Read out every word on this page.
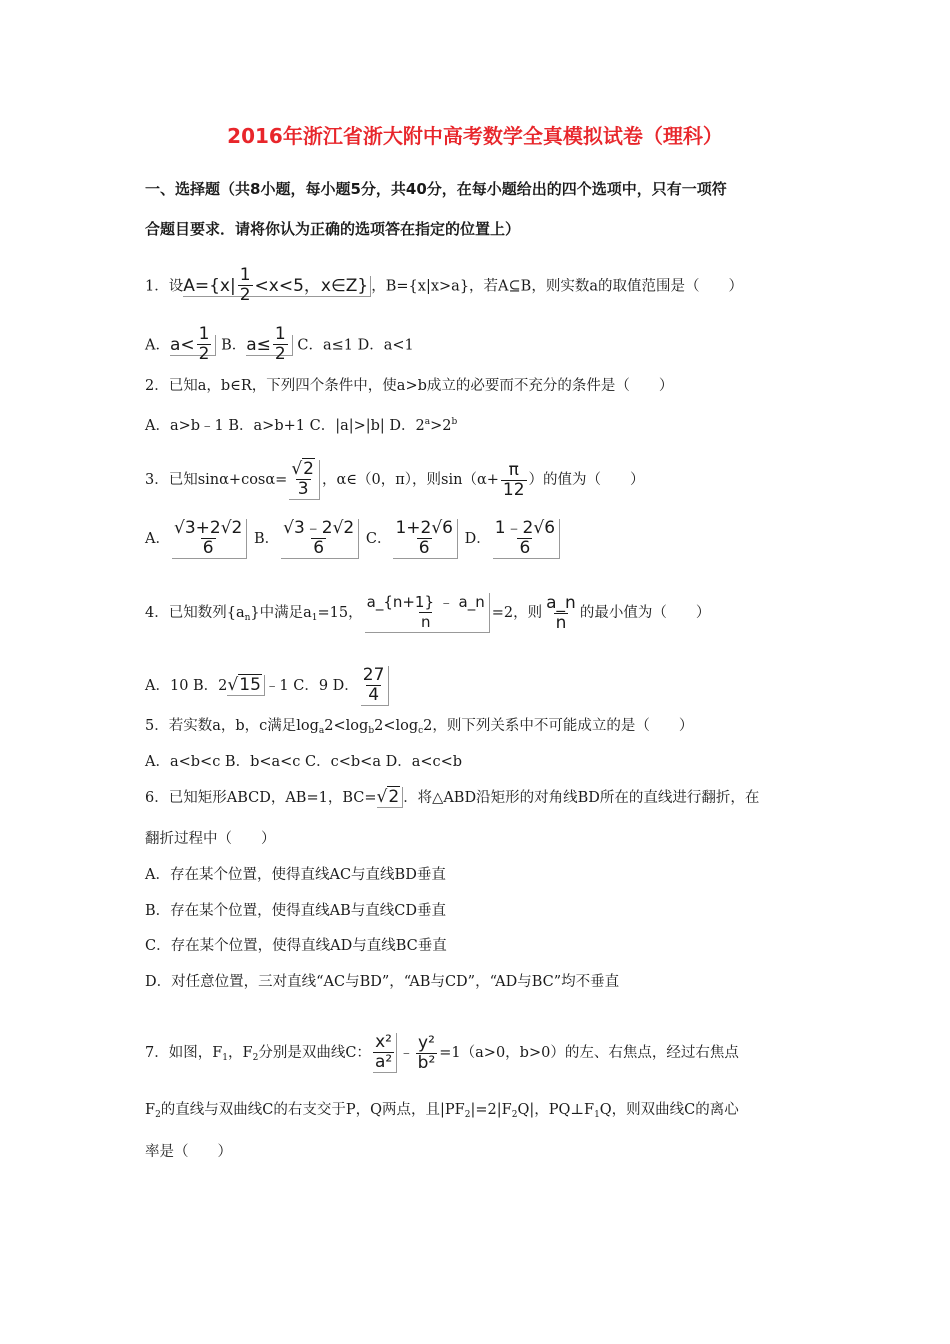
2016年浙江省浙大附中高考数学全真模拟试卷（理科）
一、选择题（共8小题，每小题5分，共40分，在每小题给出的四个选项中，只有一项符
合题目要求．请将你认为正确的选项答在指定的位置上）
1．设$A=\{x| \frac{1}{2} <x<5$，x∈Z} ，B={x|x>a}，若A⊆B，则实数a的取值范围是（　　）
A．$a< \frac{1}{2}$ B．$a\le \frac{1}{2}$ C．a≤1 D．a<1
2．已知a，b∈R，下列四个条件中，使a>b成立的必要而不充分的条件是（　　）
A．a>b﹣1 B．a>b+1 C．|a|>|b| D．$2^a>2^b$
3．已知$\sin\alpha+\cos\alpha= \frac{√2}{3}$ ，α∈（0，π），则$\sin(\alpha+ \frac{\pi}{12}$ ）的值为（　　）
A． $\frac{√3+2√2}{6}$ B． $\frac{√3﹣2√2}{6}$ C． $\frac{1+2√6}{6}$ D． $\frac{1﹣2√6}{6}$
4．已知数列$\{a_n\}$中满足$a_1=15$， $\frac{a\_\{n+1\} ﹣ a\_n}{n} =2$，则 $\frac{a\_n}{n}$ 的最小值为（　　）
A．10 B．2√15 ﹣1 C．9 D． $\frac{27}{4}$
5．若实数a，b，c满足$\log_a2<\log_b2<\log_c2$，则下列关系中不可能成立的是（　　）
A．a<b<c B．b<a<c C．c<b<a D．a<c<b
6．已知矩形ABCD，AB=1，BC=√2 ．将△ABD沿矩形的对角线BD所在的直线进行翻折，在
翻折过程中（　　）
A．存在某个位置，使得直线AC与直线BD垂直
B．存在某个位置，使得直线AB与直线CD垂直
C．存在某个位置，使得直线AD与直线BC垂直
D．对任意位置，三对直线“AC与BD”，“AB与CD”，“AD与BC”均不垂直
7．如图，$F_1$，$F_2$分别是双曲线C： $\frac{\text{x²}}{\text{a²}}$ ﹣ $\frac{\text{y²}}{\text{b²}} =1(a>0$，b>0）的左、右焦点，经过右焦点
$F_2$的直线与双曲线C的右支交于P，Q两点，且$|PF_2|=2|F_2Q|$，$PQ\perp F_1Q$，则双曲线C的离心
率是（　　）
